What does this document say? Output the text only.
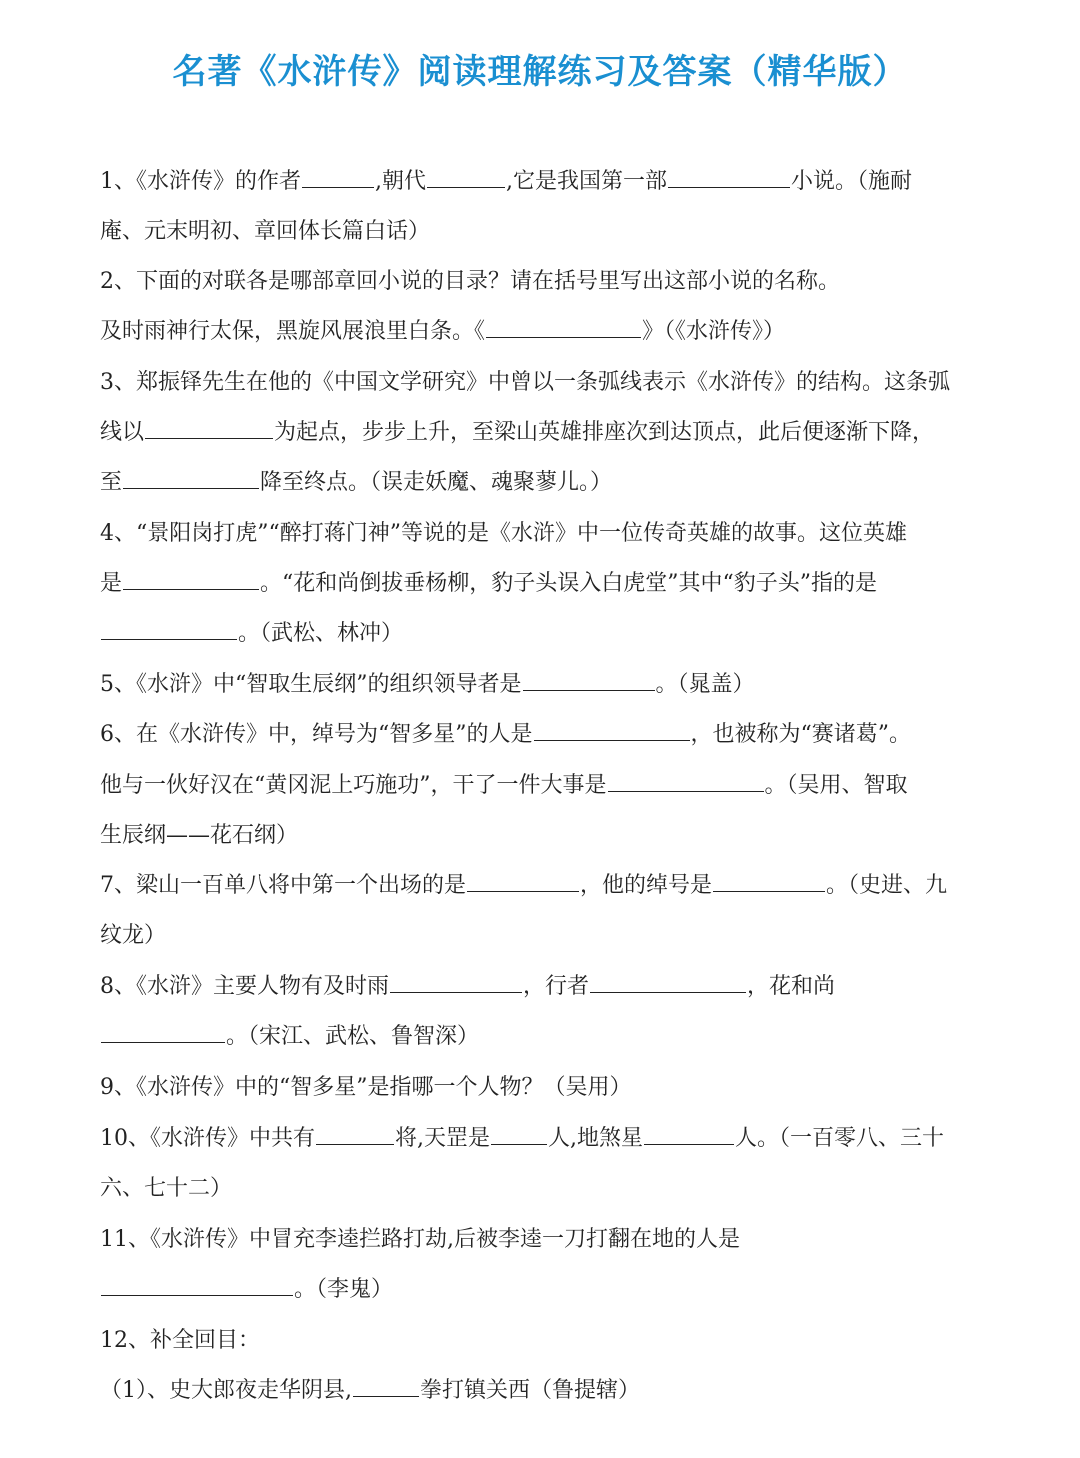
名著《水浒传》阅读理解练习及答案（精华版）
1、《水浒传》的作者	,朝代	,它是我国第一部	小说。（施耐
庵、元末明初、章回体长篇白话）
2、下面的对联各是哪部章回小说的目录？请在括号里写出这部小说的名称。
及时雨神行太保，黑旋风展浪里白条。《	》（《水浒传》）
3、郑振铎先生在他的《中国文学研究》中曾以一条弧线表示《水浒传》的结构。这条弧
线以	为起点，步步上升，至梁山英雄排座次到达顶点，此后便逐渐下降，
至	降至终点。（误走妖魔、魂聚蓼儿。）
4、“景阳岗打虎”“醉打蒋门神”等说的是《水浒》中一位传奇英雄的故事。这位英雄
是	。“花和尚倒拔垂杨柳，豹子头误入白虎堂”其中“豹子头”指的是
。（武松、林冲）
5、《水浒》中“智取生辰纲”的组织领导者是	。（晁盖）
6、在《水浒传》中，绰号为“智多星”的人是	，也被称为“赛诸葛”。
他与一伙好汉在“黄冈泥上巧施功”，干了一件大事是	。（吴用、智取
生辰纲——花石纲）
7、梁山一百单八将中第一个出场的是	，他的绰号是	。（史进、九
纹龙）
8、《水浒》主要人物有及时雨	，行者	，花和尚
。（宋江、武松、鲁智深）
9、《水浒传》中的“智多星”是指哪一个人物？（吴用）
10、《水浒传》中共有	将,天罡是	人,地煞星	人。（一百零八、三十
六、七十二）
11、《水浒传》中冒充李逵拦路打劫,后被李逵一刀打翻在地的人是
。（李鬼）
12、补全回目：
（1）、史大郎夜走华阴县,	拳打镇关西（鲁提辖）
